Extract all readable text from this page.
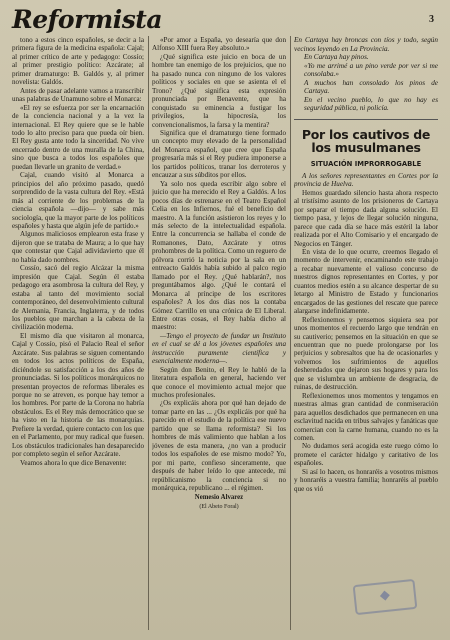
Reformista	3

tono a estos cinco españoles, se decir a la primera figura de la medicina española: Cajal; al primer crítico de arte y pedagogo: Cossío; al primer prestigio político: Azcárate; al primer dramaturgo: B. Galdós y, al primer novelista: Galdós.

Antes de pasar adelante vamos a transcribir unas palabras de Unamuno sobre el Monarca:

«El rey se esfuerza por ser la encarnación de la conciencia nacional y a la vez la internacional. El Rey quiere que se le hable todo lo alto preciso para que pueda oír bien. El Rey gusta ante todo la sinceridad. No vive encerrado dentro de una muralla de la China, sino que busca a todos los españoles que puedan llevarle un granito de verdad.»

Cajal, cuando visitó al Monarca a principios del año próximo pasado, quedó sorprendido de la vasta cultura del Rey. «Está más al corriente de los problemas de la ciencia española —dijo— y sabe más sociología, que la mayor parte de los políticos españoles y hasta que algún jefe de partido.»

Algunos maliciosos emplearon esta frase y dijeron que se trataba de Maura; a lo que hay que contestar que Cajal adividavierto que él no había dado nombres.

Cossío, sacó del regio Alcázar la misma impresión que Cajal. Según él estaba pedagogo era asombrosa la cultura del Rey, y estaba al tanto del movimiento social contemporáneo, del desenvolvimiento cultural de Alemania, Francia, Inglaterra, y de todos los pueblos que marchan a la cabeza de la civilización moderna.

El mismo día que visitaron al monarca, Cajal y Cossío, pisó el Palacio Real el señor Azcárate. Sus palabras se siguen comentando en todos los actos políticos de España, diciéndole su satisfacción a los dos años de pronunciadas. Si los políticos monárquicos no presentan proyectos de reformas liberales es porque no se atreven, es porque hay temor a los hombres. Por parte de la Corona no habría obstáculos. Es el Rey más democrático que se ha visto en la historia de las monarquías. Prefiere la verdad, quiere contacto con los que en el Parlamento, por muy radical que fuesen. Los obstáculos tradicionales han desaparecido por completo según el señor Azcárate.

Veamos ahora lo que dice Benavente:

«Por amor a España, yo desearía que don Alfonso XIII fuera Rey absoluto.»

¿Qué significa este juicio en boca de un hombre tan enemigo de los prejuicios, que no ha pasado nunca con ninguno de los valores políticos y sociales en que se asienta el el Trono? ¿Qué significa esta expresión pronunciada por Benavente, que ha conquistado su eminencia a fustigar los privilegios, la hipocresía, los convencionalismos, la farsa y la mentira?

Significa que el dramaturgo tiene formado un concepto muy elevado de la personalidad del Monarca español, que cree que España progresaría más si el Rey pudiera imponerse a los partidos políticos, tranar los derroteros y encauzar a sus súbditos por ellos.

Ya solo nos queda escribir algo sobre el juicio que ha merecido el Rey a Galdós. A los pocos días de estrenarse en el Teatro Español Celia en los Infiernos, fué el beneficio del maestro. A la función asistieron los reyes y lo más selecto de la intelectualidad española. Entre la concurrencia se hallaba el conde de Romanones, Dato, Azcárate y otros prohombres de la política. Como un reguero de pólvora corrió la noticia por la sala en un entreacto Galdós había subido al palco regio llamado por el Rey. ¿Qué hablarán?, nos preguntábamos algo. ¿Qué le contará el Monarca al príncipe de los escritores españoles? A los dos días nos la contaba Gómez Carrillo en una crónica de El Liberal. Entre otras cosas, el Rey había dicho al maestro:

—Tengo el proyecto de fundar un Instituto en el cual se dé a los jóvenes españoles una instrucción puramente científica y esencialmente moderna—.

Según don Benito, el Rey le habló de la literatura española en general, haciendo ver que conoce el movimiento actual mejor que muchos profesionales.

¿Os explicáis ahora por qué han dejado de tomar parte en las ... ¿Os explicáis por qué ha parecido en el estudio de la política ese nuevo partido que se llama reformista? Si los hombres de más valimiento que hablan a los jóvenes de esta manera, ¿no van a producir todos los españoles de ese mismo modo? Yo, por mi parte, confieso sinceramente, que después de haber leído lo que antecede, mi repúblicanismo la conciencia si no monárquica, republicano ... el régimen.

Nemesio Alvarez
(El Abeto Foral)
En Cartaya hay broncas con tíos y todo, según vecinos leyendo en La Provincia.
En Cartaya hay pinos.
«Yo me arrimé a un pino verde por ver si me consolaba.»
A muchos han consolado los pinos de Cartaya.
En el vecino pueblo, lo que no hay es seguridad pública, ni policía.
Por los cautivos de los musulmanes
SITUACIÓN IMPRORROGABLE

A los señores representantes en Cortes por la provincia de Huelva.

Hemos guardado silencio hasta ahora respecto al tristísimo asunto de los prisioneros de Cartaya por separar el tiempo dada alguna solución. El tiempo pasa, y lejos de llegar solución ninguna, parece que cada día se hace más estéril la labor realizada por el Alto Comisario y el encargado de Negocios en Tánger.

En vista de lo que ocurre, creemos llegado el momento de intervenir, encaminando este trabajo a recabar nuevamente el valioso concurso de nuestros dignos representantes en Cortes, y por cuantos medios estén a su alcance despertar de su letargo al Ministro de Estado y funcionarios encargados de las gestiones del rescate que parece alargarse indefinidamente.

Reflexionemos y pensemos siquiera sea por unos momentos el recuerdo largo que tendrán en su cautiverio; pensemos en la situación en que se encuentran que no puede prolongarse por los perjuicios y sobresaltos que ha de ocasionarles y volvemos los sufrimientos de aquellos desheredados que dejaron sus hogares y para los que se vislumbra un ambiente de desgracia, de ruinas, de destrucción.

Reflexionemos unos momentos y tengamos en nuestras almas gran cantidad de conmiseración para aquellos desdichados que permanecen en una esclavitud nacida en tribus salvajes y fanáticas que comercian con la carne humana, cuando no es la comen.

No dudamos será acogida este ruego cómo lo promete el carácter hidalgo y caritativo de los españoles.

Si así lo hacen, os honraréis a vosotros mismos y honraréis a vuestra familia; honraréis al pueblo que os vió

◆
